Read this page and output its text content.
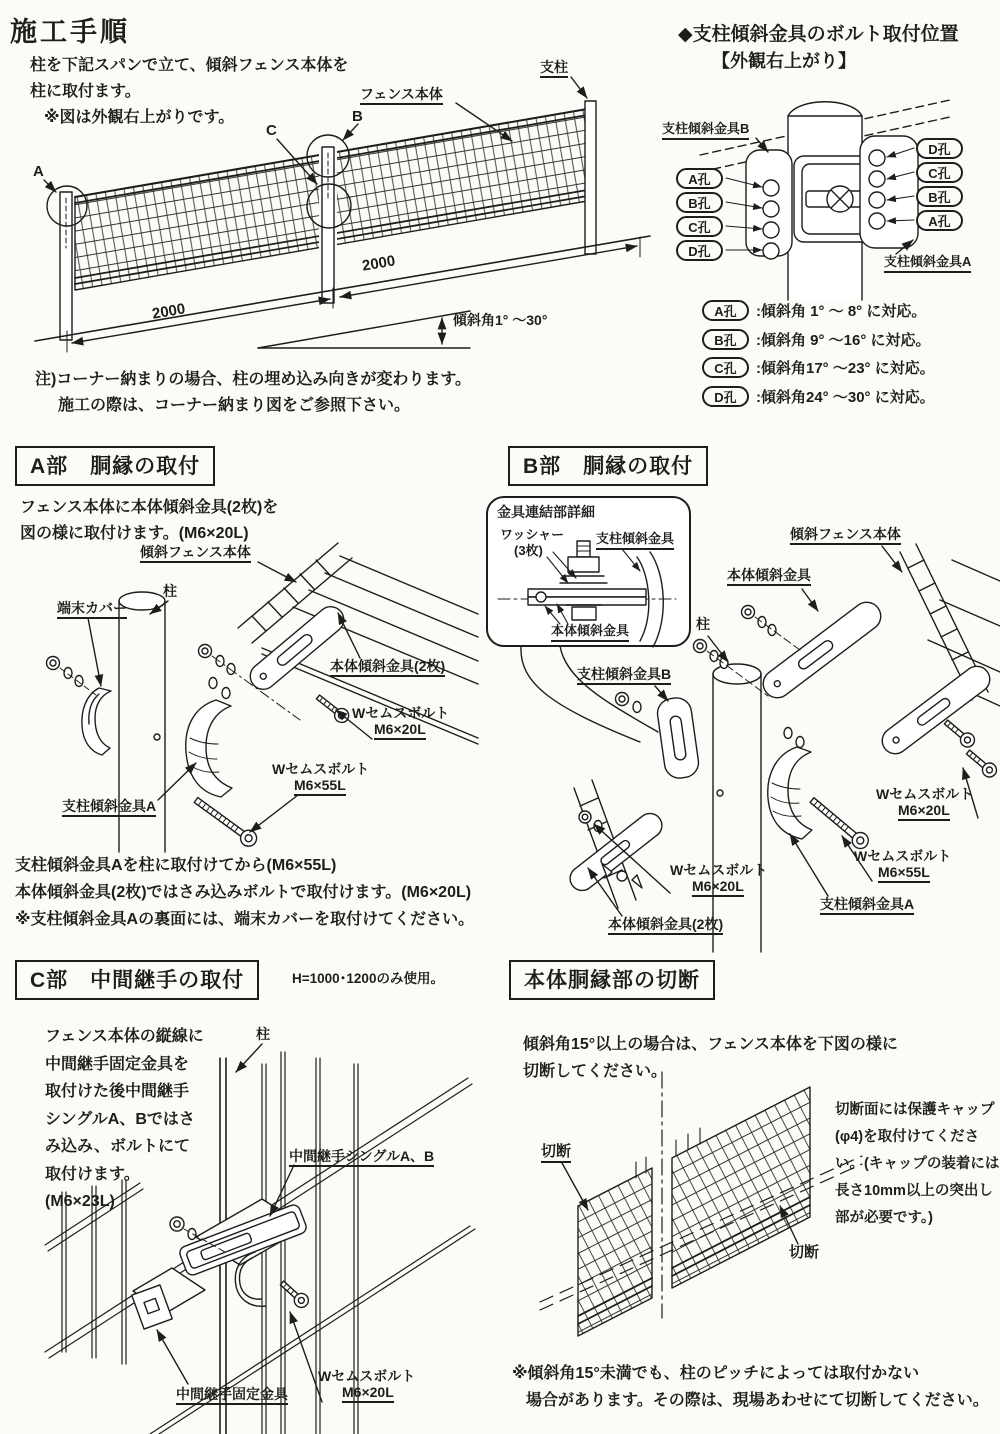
施工手順
柱を下記スパンで立て、傾斜フェンス本体を
柱に取付ます。
※図は外観右上がりです。
A
C
B
フェンス本体
支柱
2000
2000
傾斜角1° ～30°
注)コーナー納まりの場合、柱の埋め込み向きが変わります。
施工の際は、コーナー納まり図をご参照下さい。
◆支柱傾斜金具のボルト取付位置
【外観右上がり】
支柱傾斜金具B
支柱傾斜金具A
A孔
B孔
C孔
D孔
D孔
C孔
B孔
A孔
A孔	:傾斜角 1° ～ 8° に対応。
B孔	:傾斜角 9° ～16° に対応。
C孔	:傾斜角17° ～23° に対応。
D孔	:傾斜角24° ～30° に対応。
A部　胴縁の取付
フェンス本体に本体傾斜金具(2枚)を
図の様に取付けます。(M6×20L)
傾斜フェンス本体
柱
端末カバー
本体傾斜金具(2枚)
Wセムスボルト
M6×20L
Wセムスボルト
M6×55L
支柱傾斜金具A
支柱傾斜金具Aを柱に取付けてから(M6×55L)
本体傾斜金具(2枚)ではさみ込みボルトで取付けます。(M6×20L)
※支柱傾斜金具Aの裏面には、端末カバーを取付けてください。
B部　胴縁の取付
金具連結部詳細
ワッシャー
(3枚)
支柱傾斜金具
本体傾斜金具
傾斜フェンス本体
本体傾斜金具
柱
支柱傾斜金具B
Wセムスボルト
M6×20L
Wセムスボルト
M6×55L
Wセムスボルト
M6×20L
本体傾斜金具(2枚)
支柱傾斜金具A
C部　中間継手の取付	H=1000･1200のみ使用。
フェンス本体の縦線に
中間継手固定金具を
取付けた後中間継手
シングルA、Bではさ
み込み、ボルトにて
取付けます。
(M6×23L)
柱
中間継手シングルA、B
中間継手固定金具
Wセムスボルト
M6×20L
本体胴縁部の切断
傾斜角15°以上の場合は、フェンス本体を下図の様に
切断してください。
切断面には保護キャップ
(φ4)を取付けてくださ
い。(キャップの装着には
長さ10mm以上の突出し
部が必要です。)
切断
切断
※傾斜角15°未満でも、柱のピッチによっては取付かない
場合があります。その際は、現場あわせにて切断してください。
